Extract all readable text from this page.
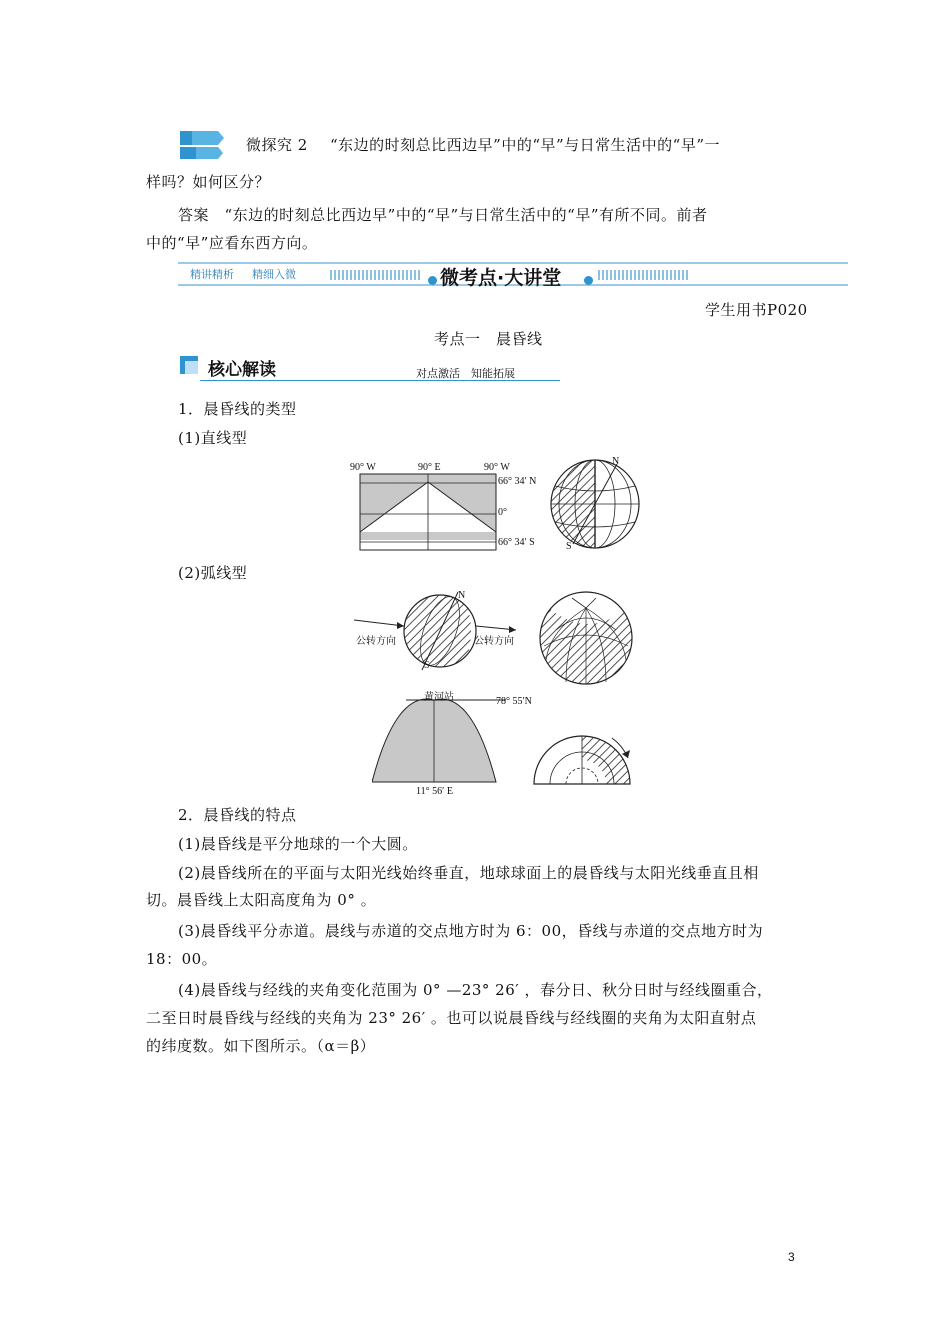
微探究 2 “东边的时刻总比西边早”中的“早”与日常生活中的“早”一
样吗？如何区分？
答案　“东边的时刻总比西边早”中的“早”与日常生活中的“早”有所不同。前者
中的“早”应看东西方向。
精讲精析 精细入微	微考点·大讲堂
学生用书P020
考点一　晨昏线
核心解读	对点激活　知能拓展
1．晨昏线的类型
(1)直线型
90° W	90° E	90° W
66° 34′ N
0°
66° 34′ S
N
S
(2)弧线型
N
S
公转方向	公转方向
黄河站	78° 55′N
11° 56′ E
2．晨昏线的特点
(1)晨昏线是平分地球的一个大圆。
(2)晨昏线所在的平面与太阳光线始终垂直，地球球面上的晨昏线与太阳光线垂直且相
切。晨昏线上太阳高度角为 0° 。
(3)晨昏线平分赤道。晨线与赤道的交点地方时为 6：00，昏线与赤道的交点地方时为
18：00。
(4)晨昏线与经线的夹角变化范围为 0° —23° 26′ ，春分日、秋分日时与经线圈重合，
二至日时晨昏线与经线的夹角为 23° 26′ 。也可以说晨昏线与经线圈的夹角为太阳直射点
的纬度数。如下图所示。（α＝β）
3
